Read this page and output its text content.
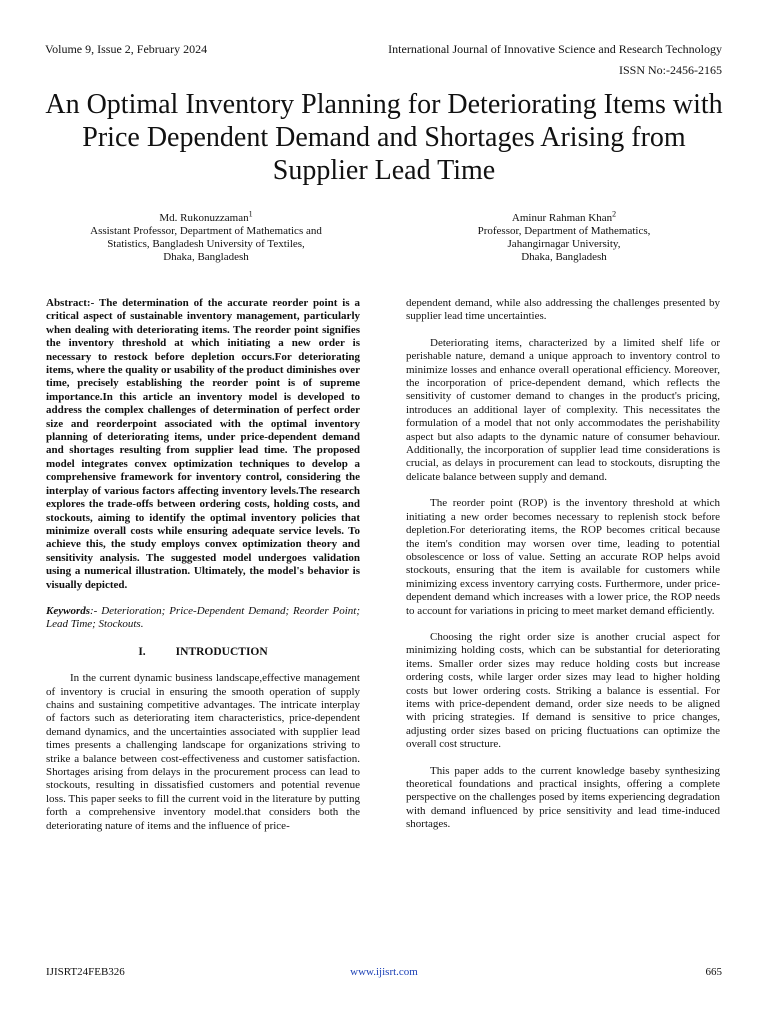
Volume 9, Issue 2, February 2024	International Journal of Innovative Science and Research Technology
ISSN No:-2456-2165
An Optimal Inventory Planning for Deteriorating Items with Price Dependent Demand and Shortages Arising from Supplier Lead Time
Md. Rukonuzzaman$^1$
Assistant Professor, Department of Mathematics and
Statistics, Bangladesh University of Textiles,
Dhaka, Bangladesh
Aminur Rahman Khan$^2$
Professor, Department of Mathematics,
Jahangirnagar University,
Dhaka, Bangladesh

Abstract:- The determination of the accurate reorder point is a critical aspect of sustainable inventory management, particularly when dealing with deteriorating items. The reorder point signifies the inventory threshold at which initiating a new order is necessary to restock before depletion occurs.For deteriorating items, where the quality or usability of the product diminishes over time, precisely establishing the reorder point is of supreme importance.In this article an inventory model is developed to address the complex challenges of determination of perfect order size and reorderpoint associated with the optimal inventory planning of deteriorating items, under price-dependent demand and shortages resulting from supplier lead time. The proposed model integrates convex optimization techniques to develop a comprehensive framework for inventory control, considering the interplay of various factors affecting inventory levels.The research explores the trade-offs between ordering costs, holding costs, and stockouts, aiming to identify the optimal inventory policies that minimize overall costs while ensuring adequate service levels. To achieve this, the study employs convex optimization theory and sensitivity analysis. The suggested model undergoes validation using a numerical illustration. Ultimately, the model's behavior is visually depicted.

Keywords:- Deterioration; Price-Dependent Demand; Reorder Point; Lead Time; Stockouts.

I.	INTRODUCTION

In the current dynamic business landscape,effective management of inventory is crucial in ensuring the smooth operation of supply chains and sustaining competitive advantages. The intricate interplay of factors such as deteriorating item characteristics, price-dependent demand dynamics, and the uncertainties associated with supplier lead times presents a challenging landscape for organizations striving to strike a balance between cost-effectiveness and customer satisfaction. Shortages arising from delays in the procurement process can lead to stockouts, resulting in dissatisfied customers and potential revenue loss. This paper seeks to fill the current void in the literature by putting forth a comprehensive inventory model.that considers both the deteriorating nature of items and the influence of price-

dependent demand, while also addressing the challenges presented by supplier lead time uncertainties.

Deteriorating items, characterized by a limited shelf life or perishable nature, demand a unique approach to inventory control to minimize losses and enhance overall operational efficiency. Moreover, the incorporation of price-dependent demand, which reflects the sensitivity of customer demand to changes in the product's pricing, introduces an additional layer of complexity. This necessitates the formulation of a model that not only accommodates the perishability aspect but also adapts to the dynamic nature of consumer behaviour. Additionally, the incorporation of supplier lead time considerations is crucial, as delays in procurement can lead to stockouts, disrupting the delicate balance between supply and demand.

The reorder point (ROP) is the inventory threshold at which initiating a new order becomes necessary to replenish stock before depletion.For deteriorating items, the ROP becomes critical because the item's condition may worsen over time, leading to potential obsolescence or loss of value. Setting an accurate ROP helps avoid stockouts, ensuring that the item is available for customers while minimizing excess inventory carrying costs. Furthermore, under price-dependent demand which increases with a lower price, the ROP needs to account for variations in pricing to meet market demand efficiently.

Choosing the right order size is another crucial aspect for minimizing holding costs, which can be substantial for deteriorating items. Smaller order sizes may reduce holding costs but increase ordering costs, while larger order sizes may lead to higher holding costs but lower ordering costs. Striking a balance is essential. For items with price-dependent demand, order size needs to be aligned with pricing strategies. If demand is sensitive to price changes, adjusting order sizes based on pricing fluctuations can optimize the overall cost structure.

This paper adds to the current knowledge baseby synthesizing theoretical foundations and practical insights, offering a complete perspective on the challenges posed by items experiencing degradation with demand influenced by price sensitivity and lead time-induced shortages.

IJISRT24FEB326	www.ijisrt.com	665
